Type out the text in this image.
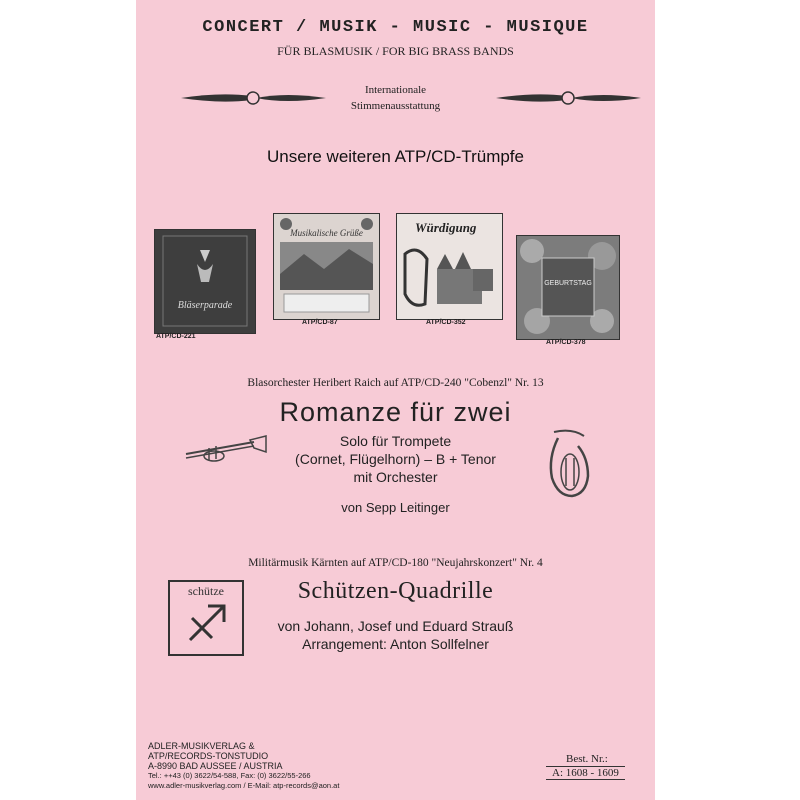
CONCERT / MUSIK - MUSIC - MUSIQUE
FÜR BLASMUSIK / FOR BIG BRASS BANDS
Internationale
Stimmenausstattung
Unsere weiteren ATP/CD-Trümpfe
Bläserparade
ATP/CD-221
Musikalische Grüße
ATP/CD-87
Würdigung
ATP/CD-352
GEBURTSTAG
ATP/CD-378
Blasorchester Heribert Raich auf ATP/CD-240 "Cobenzl" Nr. 13
Romanze für zwei
Solo für Trompete
(Cornet, Flügelhorn) – B + Tenor
mit Orchester
von Sepp Leitinger
Militärmusik Kärnten auf ATP/CD-180 "Neujahrskonzert" Nr. 4
schütze	Schützen-Quadrille
von Johann, Josef und Eduard Strauß
Arrangement: Anton Sollfelner
ADLER-MUSIKVERLAG &
ATP/RECORDS-TONSTUDIO
A-8990 BAD AUSSEE / AUSTRIA
Tel.: ++43 (0) 3622/54-588, Fax: (0) 3622/55-266
www.adler-musikverlag.com / E-Mail: atp-records@aon.at
Best. Nr.:
A: 1608 - 1609
